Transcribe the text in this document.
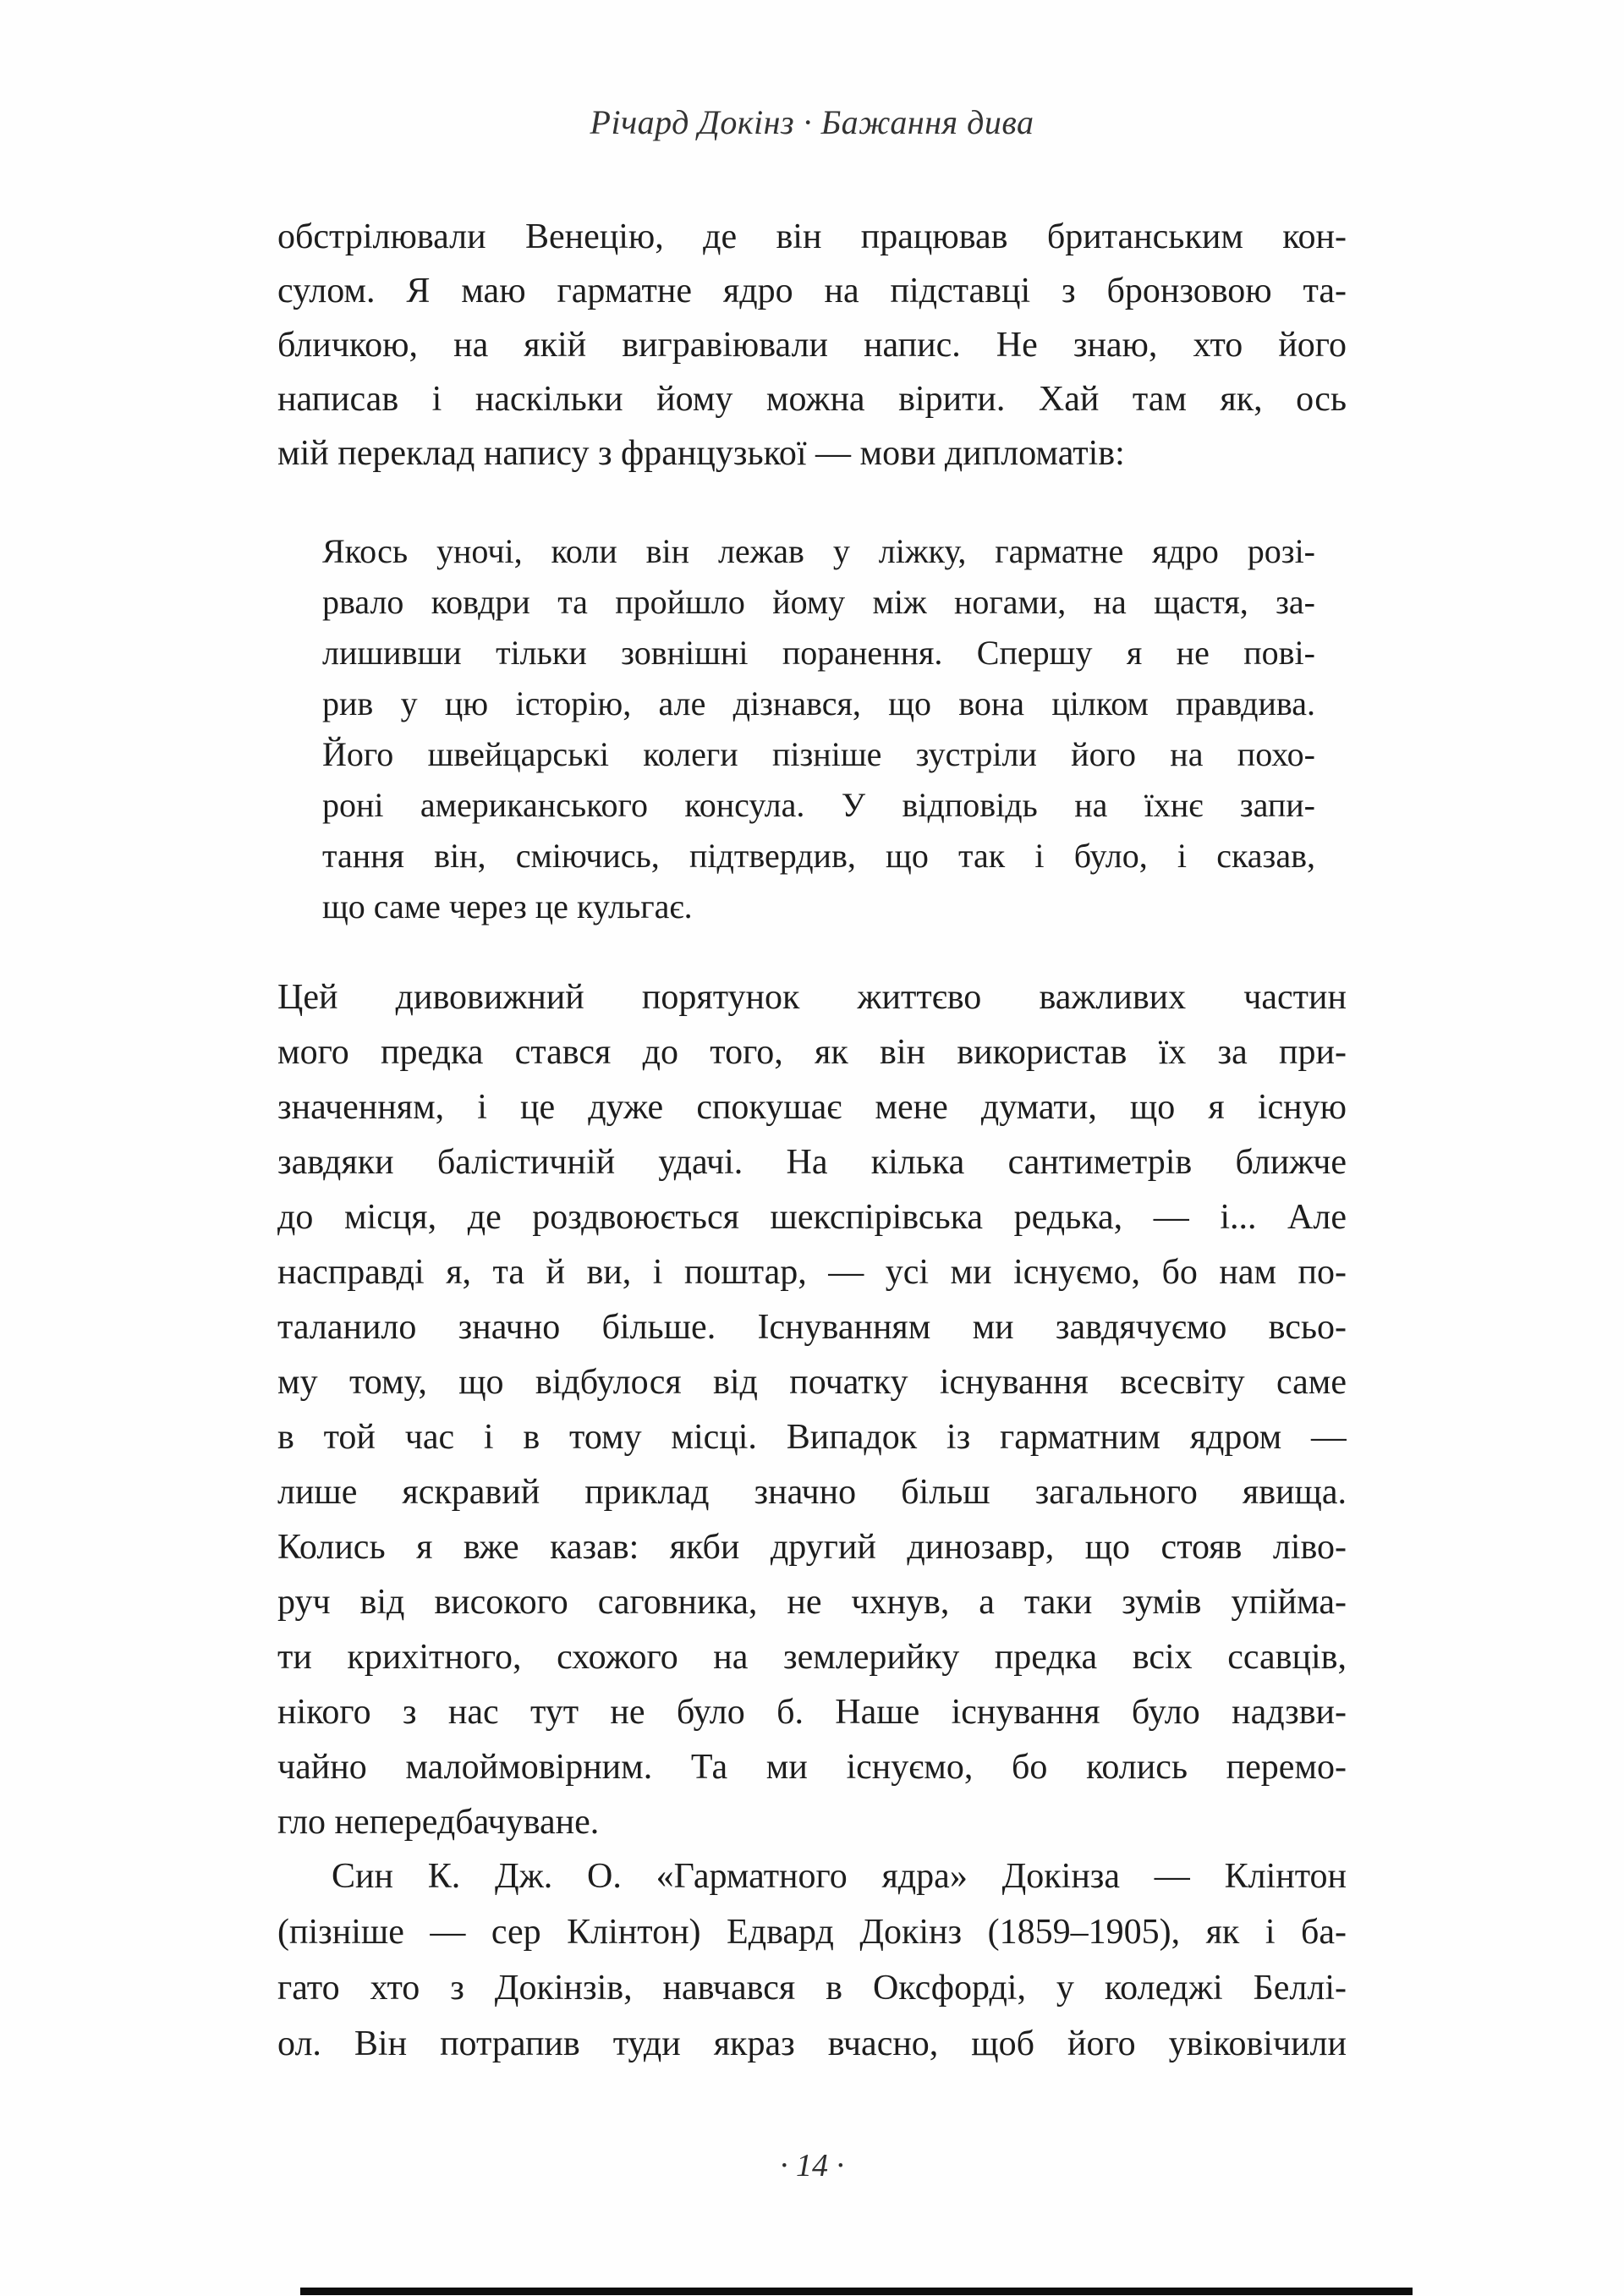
Річард Докінз · Бажання дива
обстрілювали Венецію, де він працював британським кон-
сулом. Я маю гарматне ядро на підставці з бронзовою та-
бличкою, на якій вигравіювали напис. Не знаю, хто його
написав і наскільки йому можна вірити. Хай там як, ось
мій переклад напису з французької — мови дипломатів:
Якось уночі, коли він лежав у ліжку, гарматне ядро розі-
рвало ковдри та пройшло йому між ногами, на щастя, за-
лишивши тільки зовнішні поранення. Спершу я не пові-
рив у цю історію, але дізнався, що вона цілком правдива.
Його швейцарські колеги пізніше зустріли його на похо-
роні американського консула. У відповідь на їхнє запи-
тання він, сміючись, підтвердив, що так і було, і сказав,
що саме через це кульгає.
Цей дивовижний порятунок життєво важливих частин
мого предка стався до того, як він використав їх за при-
значенням, і це дуже спокушає мене думати, що я існую
завдяки балістичній удачі. На кілька сантиметрів ближче
до місця, де роздвоюється шекспірівська редька, — і... Але
насправді я, та й ви, і поштар, — усі ми існуємо, бо нам по-
таланило значно більше. Існуванням ми завдячуємо всьо-
му тому, що відбулося від початку існування всесвіту саме
в той час і в тому місці. Випадок із гарматним ядром —
лише яскравий приклад значно більш загального явища.
Колись я вже казав: якби другий динозавр, що стояв ліво-
руч від високого саговника, не чхнув, а таки зумів упійма-
ти крихітного, схожого на землерийку предка всіх ссавців,
нікого з нас тут не було б. Наше існування було надзви-
чайно малоймовірним. Та ми існуємо, бо колись перемо-
гло непередбачуване.
Син К. Дж. О. «Гарматного ядра» Докінза — Клінтон
(пізніше — сер Клінтон) Едвард Докінз (1859–1905), як і ба-
гато хто з Докінзів, навчався в Оксфорді, у коледжі Беллі-
ол. Він потрапив туди якраз вчасно, щоб його увіковічили
· 14 ·
